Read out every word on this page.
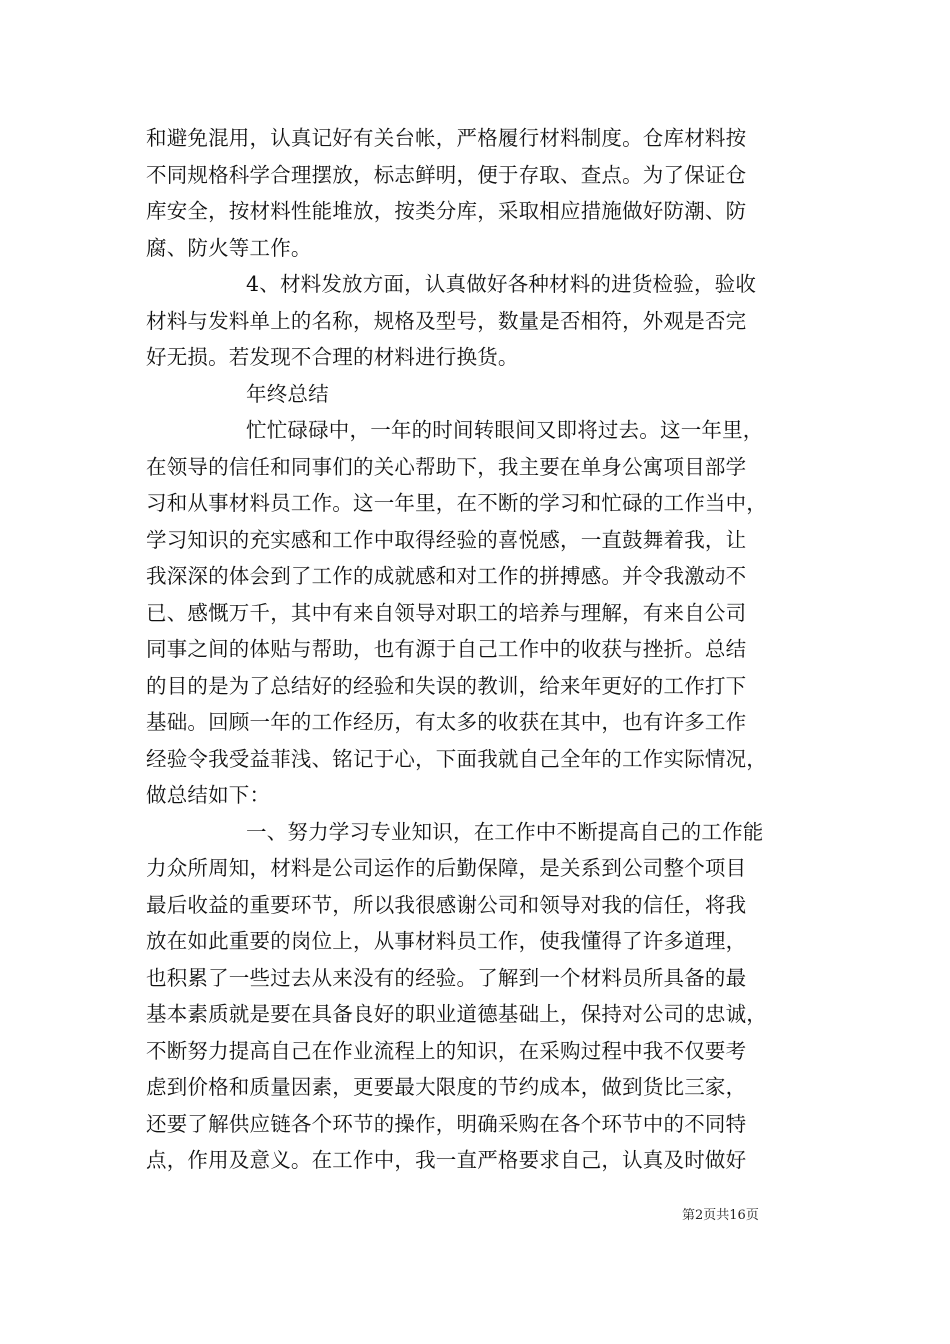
和避免混用，认真记好有关台帐，严格履行材料制度。仓库材料按
不同规格科学合理摆放，标志鲜明，便于存取、查点。为了保证仓
库安全，按材料性能堆放，按类分库，采取相应措施做好防潮、防
腐、防火等工作。
4、材料发放方面，认真做好各种材料的进货检验，验收
材料与发料单上的名称，规格及型号，数量是否相符，外观是否完
好无损。若发现不合理的材料进行换货。
年终总结
忙忙碌碌中，一年的时间转眼间又即将过去。这一年里，
在领导的信任和同事们的关心帮助下，我主要在单身公寓项目部学
习和从事材料员工作。这一年里，在不断的学习和忙碌的工作当中，
学习知识的充实感和工作中取得经验的喜悦感，一直鼓舞着我，让
我深深的体会到了工作的成就感和对工作的拼搏感。并令我激动不
已、感慨万千，其中有来自领导对职工的培养与理解，有来自公司
同事之间的体贴与帮助，也有源于自己工作中的收获与挫折。总结
的目的是为了总结好的经验和失误的教训，给来年更好的工作打下
基础。回顾一年的工作经历，有太多的收获在其中，也有许多工作
经验令我受益菲浅、铭记于心，下面我就自己全年的工作实际情况，
做总结如下：
一、努力学习专业知识，在工作中不断提高自己的工作能
力众所周知，材料是公司运作的后勤保障，是关系到公司整个项目
最后收益的重要环节，所以我很感谢公司和领导对我的信任，将我
放在如此重要的岗位上，从事材料员工作，使我懂得了许多道理，
也积累了一些过去从来没有的经验。了解到一个材料员所具备的最
基本素质就是要在具备良好的职业道德基础上，保持对公司的忠诚，
不断努力提高自己在作业流程上的知识，在采购过程中我不仅要考
虑到价格和质量因素，更要最大限度的节约成本，做到货比三家，
还要了解供应链各个环节的操作，明确采购在各个环节中的不同特
点，作用及意义。在工作中，我一直严格要求自己，认真及时做好
第2页共16页
